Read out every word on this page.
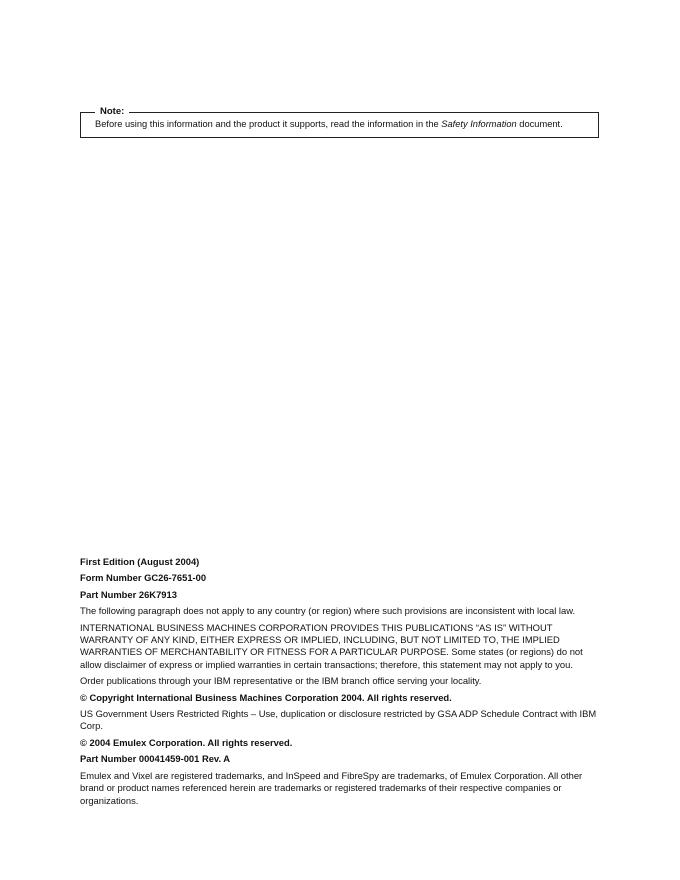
Note:
Before using this information and the product it supports, read the information in the Safety Information document.

First Edition (August 2004)

Form Number GC26-7651-00

Part Number 26K7913

The following paragraph does not apply to any country (or region) where such provisions are inconsistent with local law.

INTERNATIONAL BUSINESS MACHINES CORPORATION PROVIDES THIS PUBLICATIONS “AS IS” WITHOUT WARRANTY OF ANY KIND, EITHER EXPRESS OR IMPLIED, INCLUDING, BUT NOT LIMITED TO, THE IMPLIED WARRANTIES OF MERCHANTABILITY OR FITNESS FOR A PARTICULAR PURPOSE. Some states (or regions) do not allow disclaimer of express or implied warranties in certain transactions; therefore, this statement may not apply to you.

Order publications through your IBM representative or the IBM branch office serving your locality.

© Copyright International Business Machines Corporation 2004. All rights reserved.

US Government Users Restricted Rights – Use, duplication or disclosure restricted by GSA ADP Schedule Contract with IBM Corp.

© 2004 Emulex Corporation. All rights reserved.

Part Number 00041459-001 Rev. A

Emulex and Vixel are registered trademarks, and InSpeed and FibreSpy are trademarks, of Emulex Corporation. All other brand or product names referenced herein are trademarks or registered trademarks of their respective companies or organizations.
